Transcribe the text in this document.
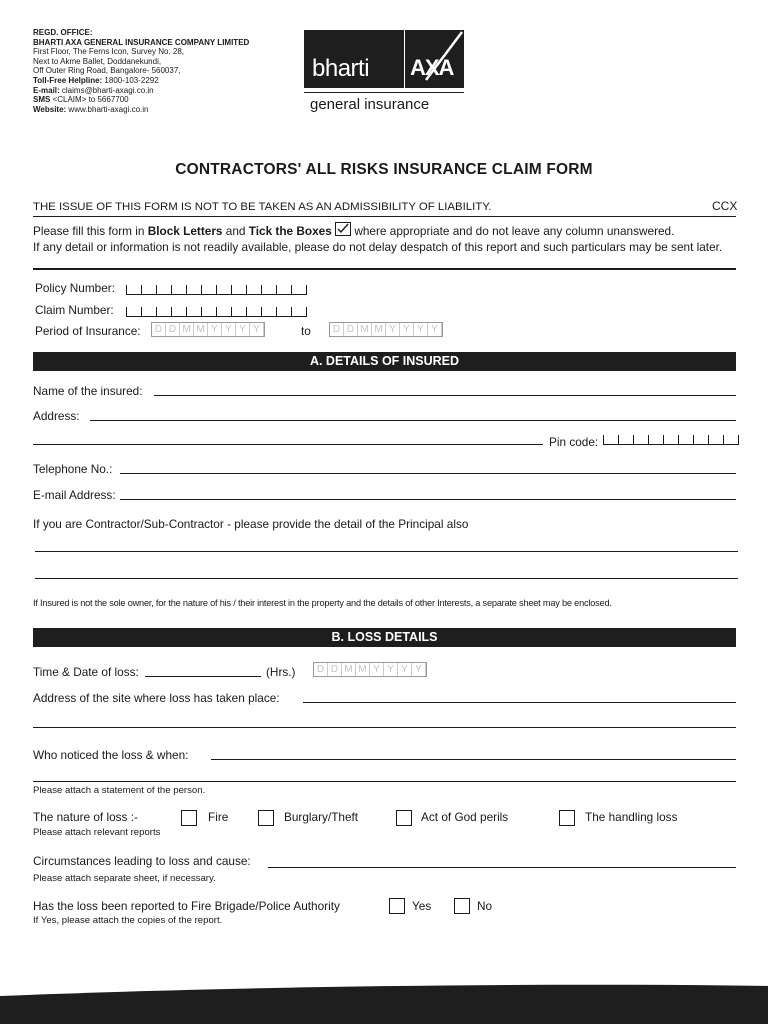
REGD. OFFICE:
BHARTI AXA GENERAL INSURANCE COMPANY LIMITED
First Floor, The Ferns Icon, Survey No. 28,
Next to Akme Ballet, Doddanekundi,
Off Outer Ring Road, Bangalore- 560037,
Toll-Free Helpline: 1800-103-2292
E-mail: claims@bharti-axagi.co.in
SMS <CLAIM> to 5667700
Website: www.bharti-axagi.co.in
bharti AXA
general insurance
CONTRACTORS' ALL RISKS INSURANCE CLAIM FORM
CCX
THE ISSUE OF THIS FORM IS NOT TO BE TAKEN AS AN ADMISSIBILITY OF LIABILITY.
Please fill this form in Block Letters and Tick the Boxes
where appropriate and do not leave any column unanswered.
If any detail or information is not readily available, please do not delay despatch of this report and such particulars may be sent later.
Policy Number:
Claim Number:
Period of Insurance: D D M M Y Y Y Y	to D D M M Y Y Y Y
A. DETAILS OF INSURED
Name of the insured:
Address:
Pin code:
Telephone No.:
E-mail Address:
If you are Contractor/Sub-Contractor - please provide the detail of the Principal also
If Insured is not the sole owner, for the nature of his / their interest in the property and the details of other Interests, a separate sheet may be enclosed.
B. LOSS DETAILS
Time & Date of loss:	(Hrs.) D D M M Y Y Y Y
Address of the site where loss has taken place:
Who noticed the loss & when:
Please attach a statement of the person.
The nature of loss :-
Please attach relevant reports
Fire	Burglary/Theft	Act of God perils	The handling loss
Circumstances leading to loss and cause:
Please attach separate sheet, if necessary.
Has the loss been reported to Fire Brigade/Police Authority	Yes	No
If Yes, please attach the copies of the report.
